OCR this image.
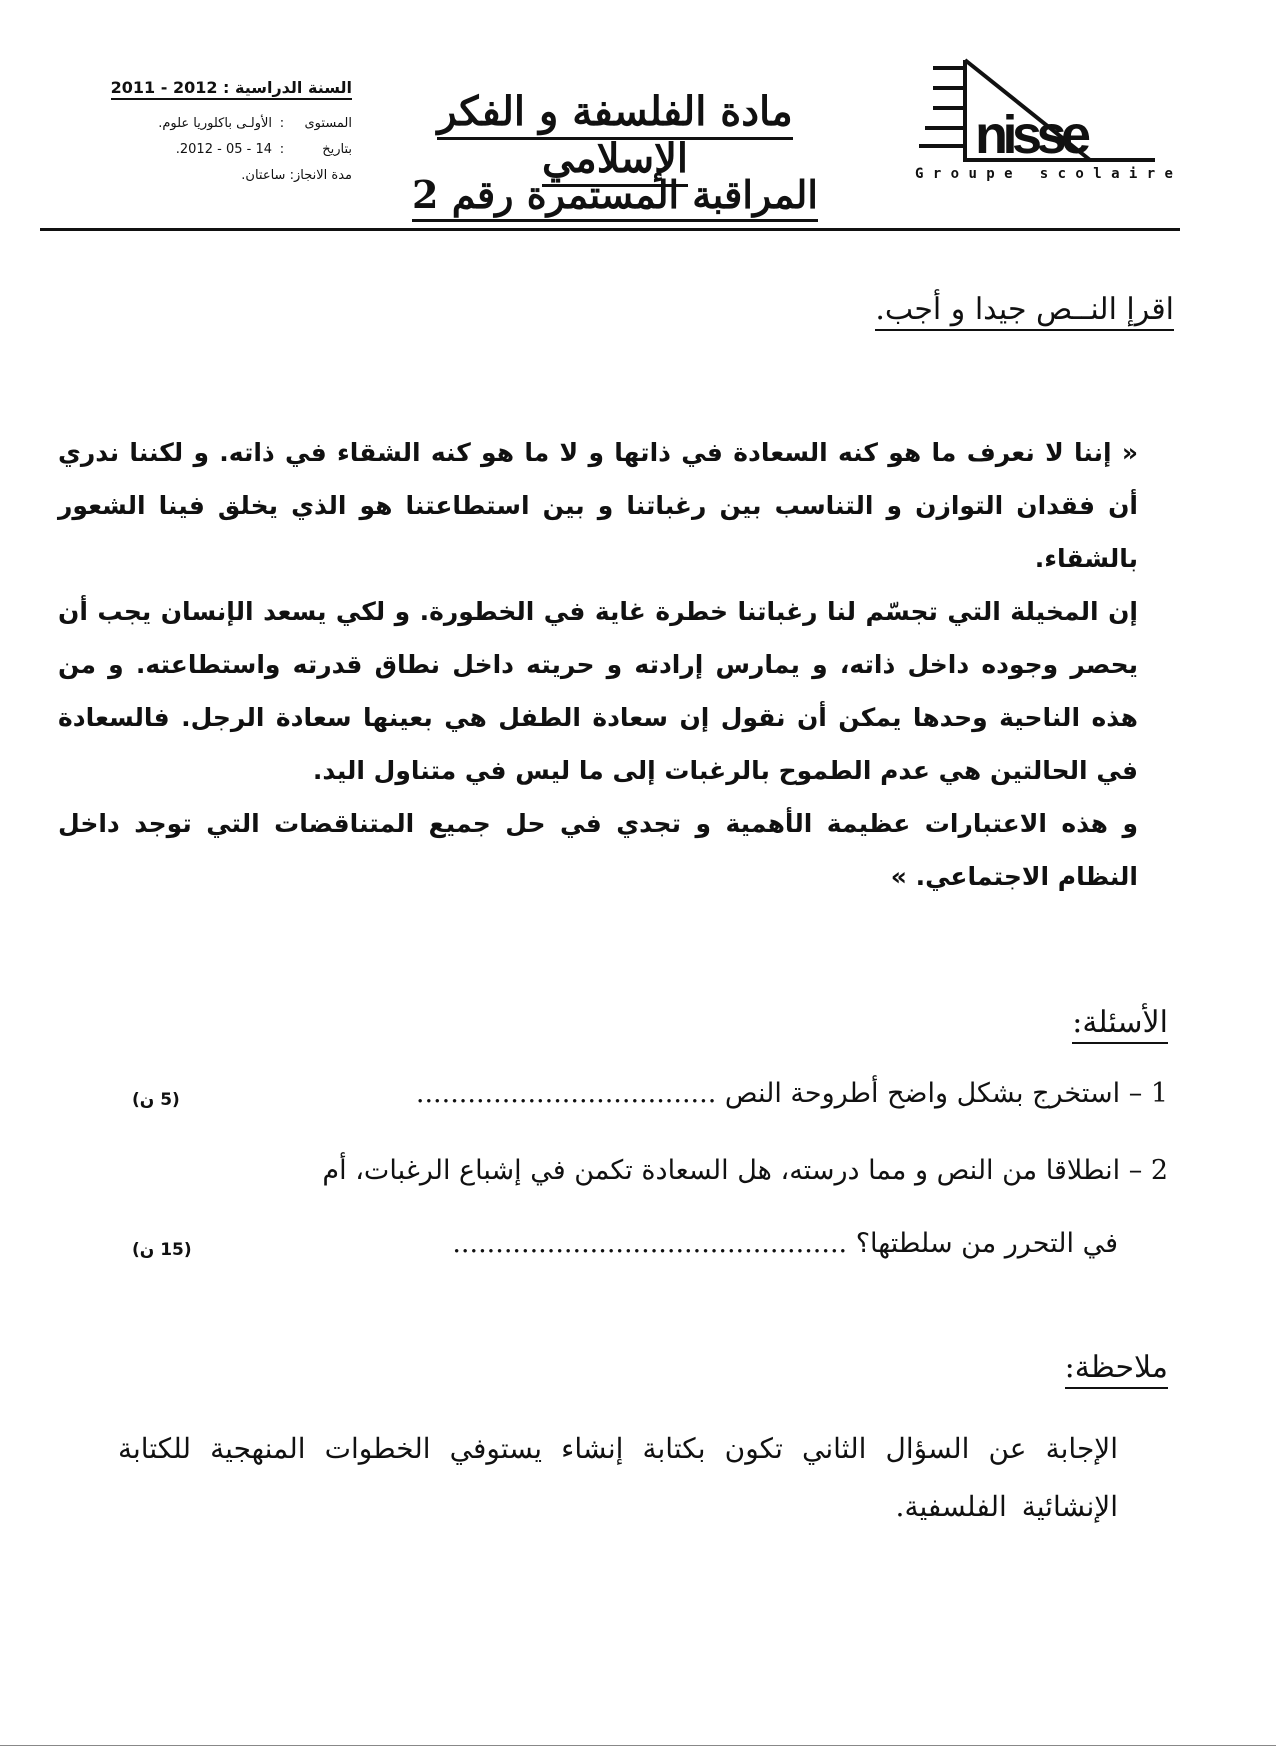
السنة الدراسية : 2011 - 2012
المستوى:الأولـى باكلوريا علوم.
بتاريخ:14 - 05 - 2012.
مدة الانجاز: ساعتان.
مادة الفلسفة و الفكر الإسلامي
المراقبة المستمرة رقم 2
nisse
Groupe scolaire
اقرإ النــص جيدا و أجب.

« إننا لا نعرف ما هو كنه السعادة في ذاتها و لا ما هو كنه الشقاء في ذاته. و لكننا ندري أن فقدان التوازن و التناسب بين رغباتنا و بين استطاعتنا هو الذي يخلق فينا الشعور بالشقاء.

إن المخيلة التي تجسّم لنا رغباتنا خطرة غاية في الخطورة. و لكي يسعد الإنسان يجب أن يحصر وجوده داخل ذاته، و يمارس إرادته و حريته داخل نطاق قدرته واستطاعته. و من هذه الناحية وحدها يمكن أن نقول إن سعادة الطفل هي بعينها سعادة الرجل. فالسعادة في الحالتين هي عدم الطموح بالرغبات إلى ما ليس في متناول اليد.

و هذه الاعتبارات عظيمة الأهمية و تجدي في حل جميع المتناقضات التي توجد داخل النظام الاجتماعي. »

الأسئلة:
1 – استخرج بشكل واضح أطروحة النص ...................................
(5 ن)
2 – انطلاقا من النص و مما درسته، هل السعادة تكمن في إشباع الرغبات، أم
في التحرر من سلطتها؟ ..............................................
(15 ن)
ملاحظة:
الإجابة عن السؤال الثاني تكون بكتابة إنشاء يستوفي الخطوات المنهجية للكتابة الإنشائية الفلسفية.
